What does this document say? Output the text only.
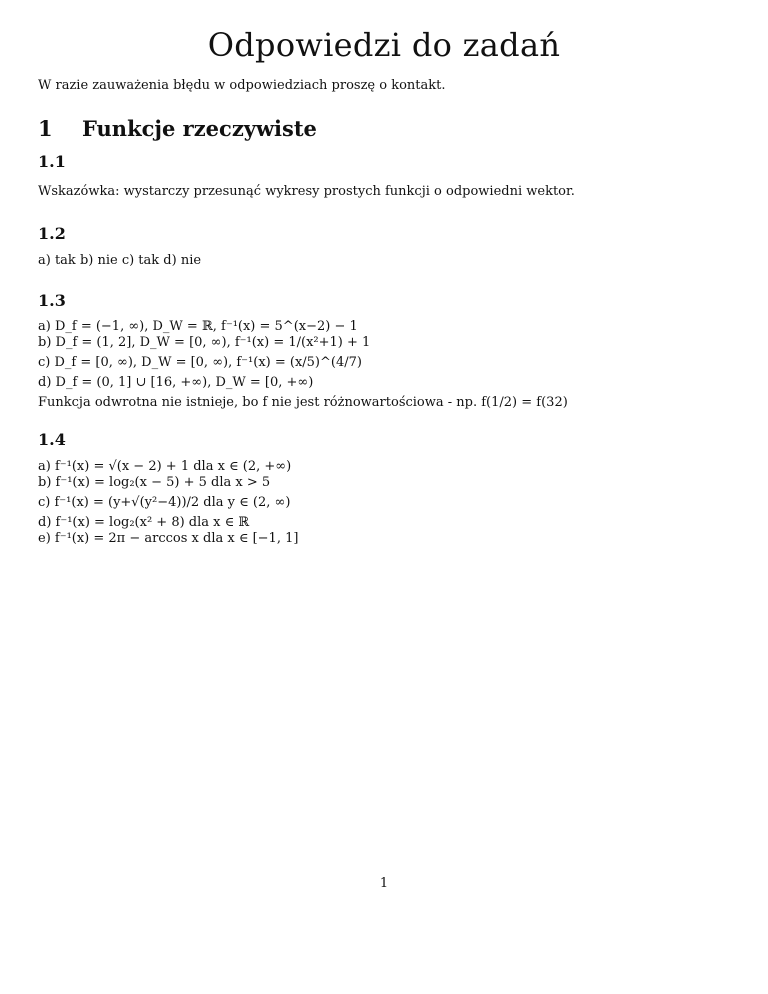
Odpowiedzi do zadań
W razie zauważenia błędu w odpowiedziach proszę o kontakt.
1 Funkcje rzeczywiste
1.1
Wskazówka: wystarczy przesunąć wykresy prostych funkcji o odpowiedni wektor.
1.2
a) tak b) nie c) tak d) nie
1.3
a) D_f = (−1, ∞), D_W = ℝ, f⁻¹(x) = 5^(x−2) − 1
b) D_f = (1, 2], D_W = [0, ∞), f⁻¹(x) = 1/(x²+1) + 1
c) D_f = [0, ∞), D_W = [0, ∞), f⁻¹(x) = (x/5)^(4/7)
d) D_f = (0, 1] ∪ [16, +∞), D_W = [0, +∞)
Funkcja odwrotna nie istnieje, bo f nie jest różnowartościowa - np. f(1/2) = f(32)
1.4
a) f⁻¹(x) = √(x − 2) + 1 dla x ∈ (2, +∞)
b) f⁻¹(x) = log₂(x − 5) + 5 dla x > 5
c) f⁻¹(x) = (y+√(y²−4))/2 dla y ∈ (2, ∞)
d) f⁻¹(x) = log₂(x² + 8) dla x ∈ ℝ
e) f⁻¹(x) = 2π − arccos x dla x ∈ [−1, 1]
1
